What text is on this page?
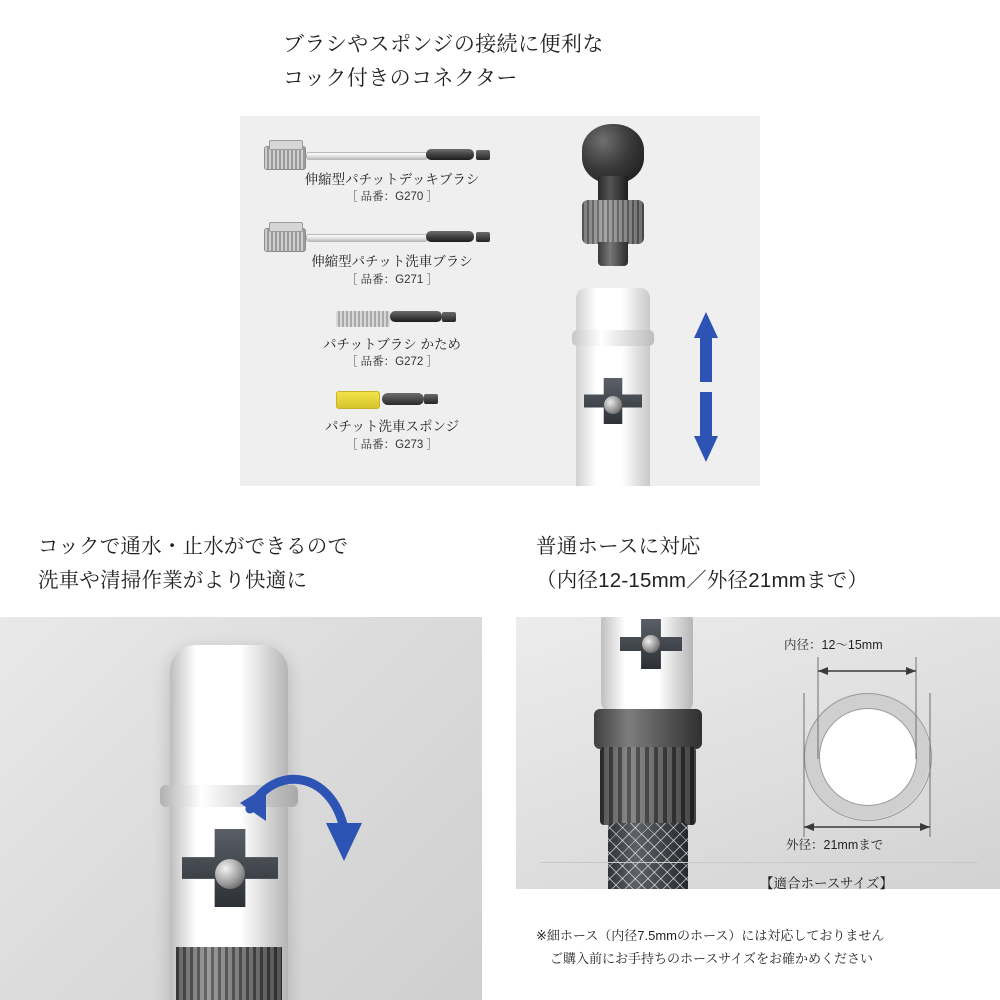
ブラシやスポンジの接続に便利な
コック付きのコネクター
伸縮型パチットデッキブラシ
［ 品番：G270 ］
伸縮型パチット洗車ブラシ
［ 品番：G271 ］
パチットブラシ かため
［ 品番：G272 ］
パチット洗車スポンジ
［ 品番：G273 ］
コックで通水・止水ができるので
洗車や清掃作業がより快適に
普通ホースに対応
（内径12-15mm／外径21mmまで）
内径：12～15mm
外径：21mmまで
【適合ホースサイズ】
※細ホース（内径7.5mmのホース）には対応しておりません
ご購入前にお手持ちのホースサイズをお確かめください
